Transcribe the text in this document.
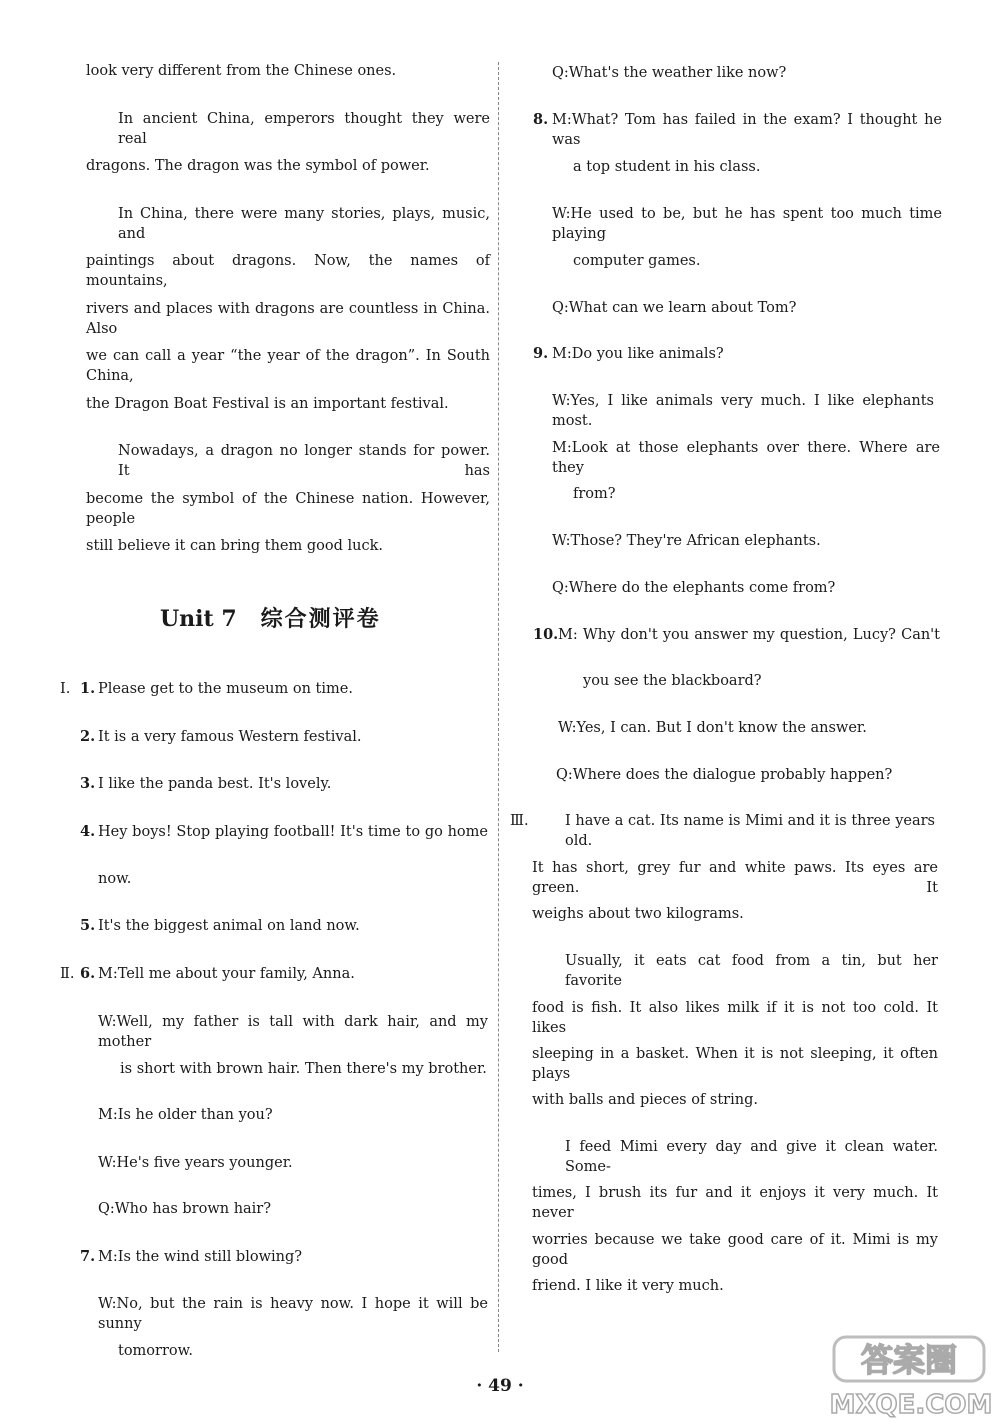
look very different from the Chinese ones.
In ancient China, emperors thought they were real
dragons. The dragon was the symbol of power.
In China, there were many stories, plays, music, and
paintings about dragons. Now, the names of mountains,
rivers and places with dragons are countless in China. Also
we can call a year “the year of the dragon”. In South China,
the Dragon Boat Festival is an important festival.
Nowadays, a dragon no longer stands for power. It has
become the symbol of the Chinese nation. However, people
still believe it can bring them good luck.
Unit 7 综合测评卷
Ⅰ. 1. Please get to the museum on time.
2. It is a very famous Western festival.
3. I like the panda best. It's lovely.
4. Hey boys! Stop playing football! It's time to go home
now.
5. It's the biggest animal on land now.
Ⅱ. 6. M:Tell me about your family, Anna.
W:Well, my father is tall with dark hair, and my mother
is short with brown hair. Then there's my brother.
M:Is he older than you?
W:He's five years younger.
Q:Who has brown hair?
7. M:Is the wind still blowing?
W:No, but the rain is heavy now. I hope it will be sunny
tomorrow.
Q:What's the weather like now?
8. M:What? Tom has failed in the exam? I thought he was
a top student in his class.
W:He used to be, but he has spent too much time playing
computer games.
Q:What can we learn about Tom?
9. M:Do you like animals?
W:Yes, I like animals very much. I like elephants most.
M:Look at those elephants over there. Where are they
from?
W:Those? They're African elephants.
Q:Where do the elephants come from?
10. M: Why don't you answer my question, Lucy? Can't
you see the blackboard?
W:Yes, I can. But I don't know the answer.
Q:Where does the dialogue probably happen?
Ⅲ.	I have a cat. Its name is Mimi and it is three years old.
It has short, grey fur and white paws. Its eyes are green. It
weighs about two kilograms.
Usually, it eats cat food from a tin, but her favorite
food is fish. It also likes milk if it is not too cold. It likes
sleeping in a basket. When it is not sleeping, it often plays
with balls and pieces of string.
I feed Mimi every day and give it clean water. Some-
times, I brush its fur and it enjoys it very much. It never
worries because we take good care of it. Mimi is my good
friend. I like it very much.
· 49 ·
答案圈
MXQE.COM
